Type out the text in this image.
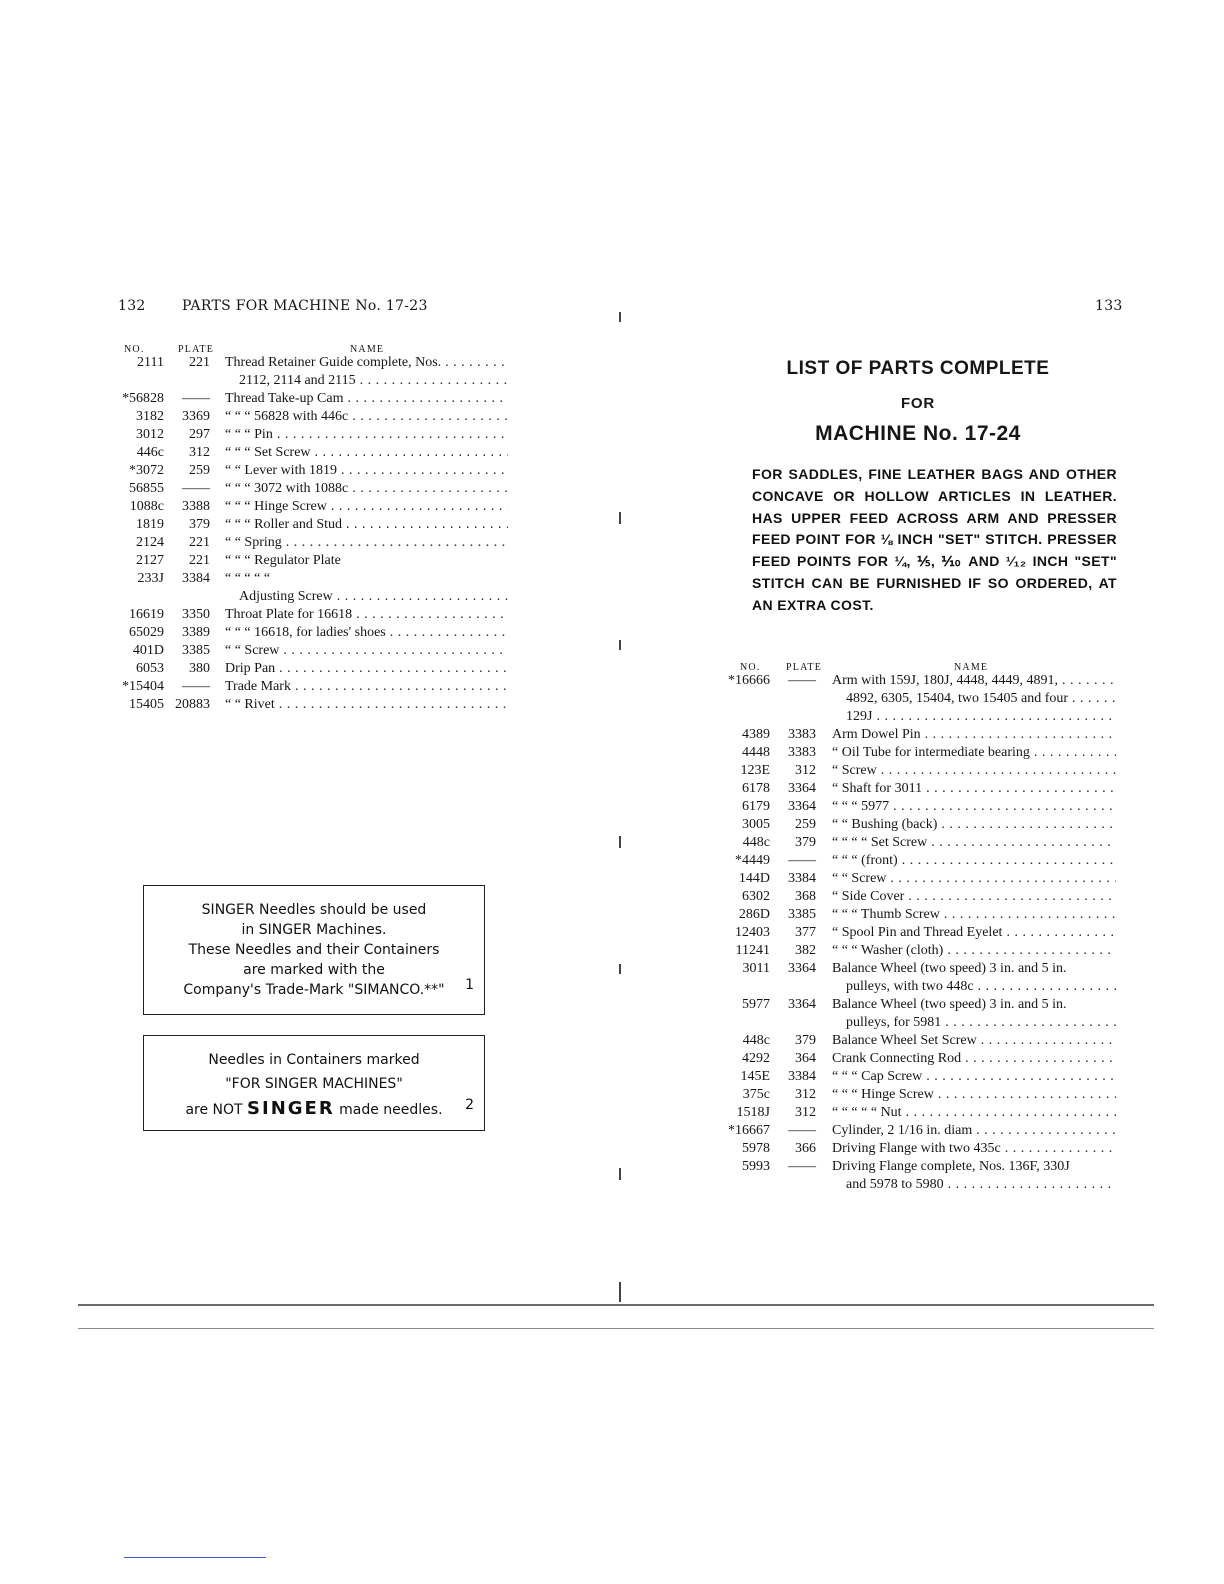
132	PARTS FOR MACHINE No. 17-23
NO.	PLATE	NAME
2111	221 Thread Retainer Guide complete, Nos. . . .
2112, 2114 and 2115 . . .
*56828	—— Thread Take-up Cam . . .
3182	3369 “ “ “ 56828 with 446c . . .
3012	297 “ “ “ Pin . . .
446c	312 “ “ “ Set Screw . . .
*3072	259 “ “ Lever with 1819 . . .
56855	—— “ “ “ 3072 with 1088c . . .
1088c	3388 “ “ “ Hinge Screw . . .
1819	379 “ “ “ Roller and Stud . . .
2124	221 “ “ Spring . . .
2127	221 “ “ “ Regulator Plate
233J	3384 “ “ “ “ “
Adjusting Screw . . .
16619	3350 Throat Plate for 16618 . . .
65029	3389 “ “ “ 16618, for ladies' shoes . . .
401D	3385 “ “ Screw . . .
6053	380 Drip Pan . . .
*15404	—— Trade Mark . . .
15405 20883 “ “ Rivet . . .
SINGER Needles should be used
in SINGER Machines.
These Needles and their Containers
are marked with the
Company's Trade-Mark "SIMANCO.**"	1
Needles in Containers marked
"FOR SINGER MACHINES"
are NOT SINGER made needles.	2
133
LIST OF PARTS COMPLETE
FOR
MACHINE No. 17-24
FOR SADDLES, FINE LEATHER BAGS AND OTHER CONCAVE OR HOLLOW ARTICLES IN LEATHER. HAS UPPER FEED ACROSS ARM AND PRESSER FEED POINT FOR ⅛ INCH "SET" STITCH. PRESSER FEED POINTS FOR ¼, ⅕, ⅒ AND ¹⁄₁₂ INCH "SET" STITCH CAN BE FURNISHED IF SO ORDERED, AT AN EXTRA COST.
NO.	PLATE	NAME
*16666	—— Arm with 159J, 180J, 4448, 4449, 4891, . . .
4892, 6305, 15404, two 15405 and four . . .
129J . . .
4389	3383 Arm Dowel Pin . . .
4448	3383 “ Oil Tube for intermediate bearing . . .
123E	312 “ Screw . . .
6178	3364 “ Shaft for 3011 . . .
6179	3364 “ “ “ 5977 . . .
3005	259 “ “ Bushing (back) . . .
448c	379 “ “ “ “ Set Screw . . .
*4449	—— “ “ “ (front) . . .
144D	3384 “ “ Screw . . .
6302	368 “ Side Cover . . .
286D	3385 “ “ “ Thumb Screw . . .
12403	377 “ Spool Pin and Thread Eyelet . . .
11241	382 “ “ “ Washer (cloth) . . .
3011	3364 Balance Wheel (two speed) 3 in. and 5 in.
pulleys, with two 448c . . .
5977	3364 Balance Wheel (two speed) 3 in. and 5 in.
pulleys, for 5981 . . .
448c	379 Balance Wheel Set Screw . . .
4292	364 Crank Connecting Rod . . .
145E	3384 “ “ “ Cap Screw . . .
375c	312 “ “ “ Hinge Screw . . .
1518J	312 “ “ “ “ “ Nut . . .
*16667	—— Cylinder, 2 1/16 in. diam . . .
5978	366 Driving Flange with two 435c . . .
5993	—— Driving Flange complete, Nos. 136F, 330J
and 5978 to 5980 . . .
